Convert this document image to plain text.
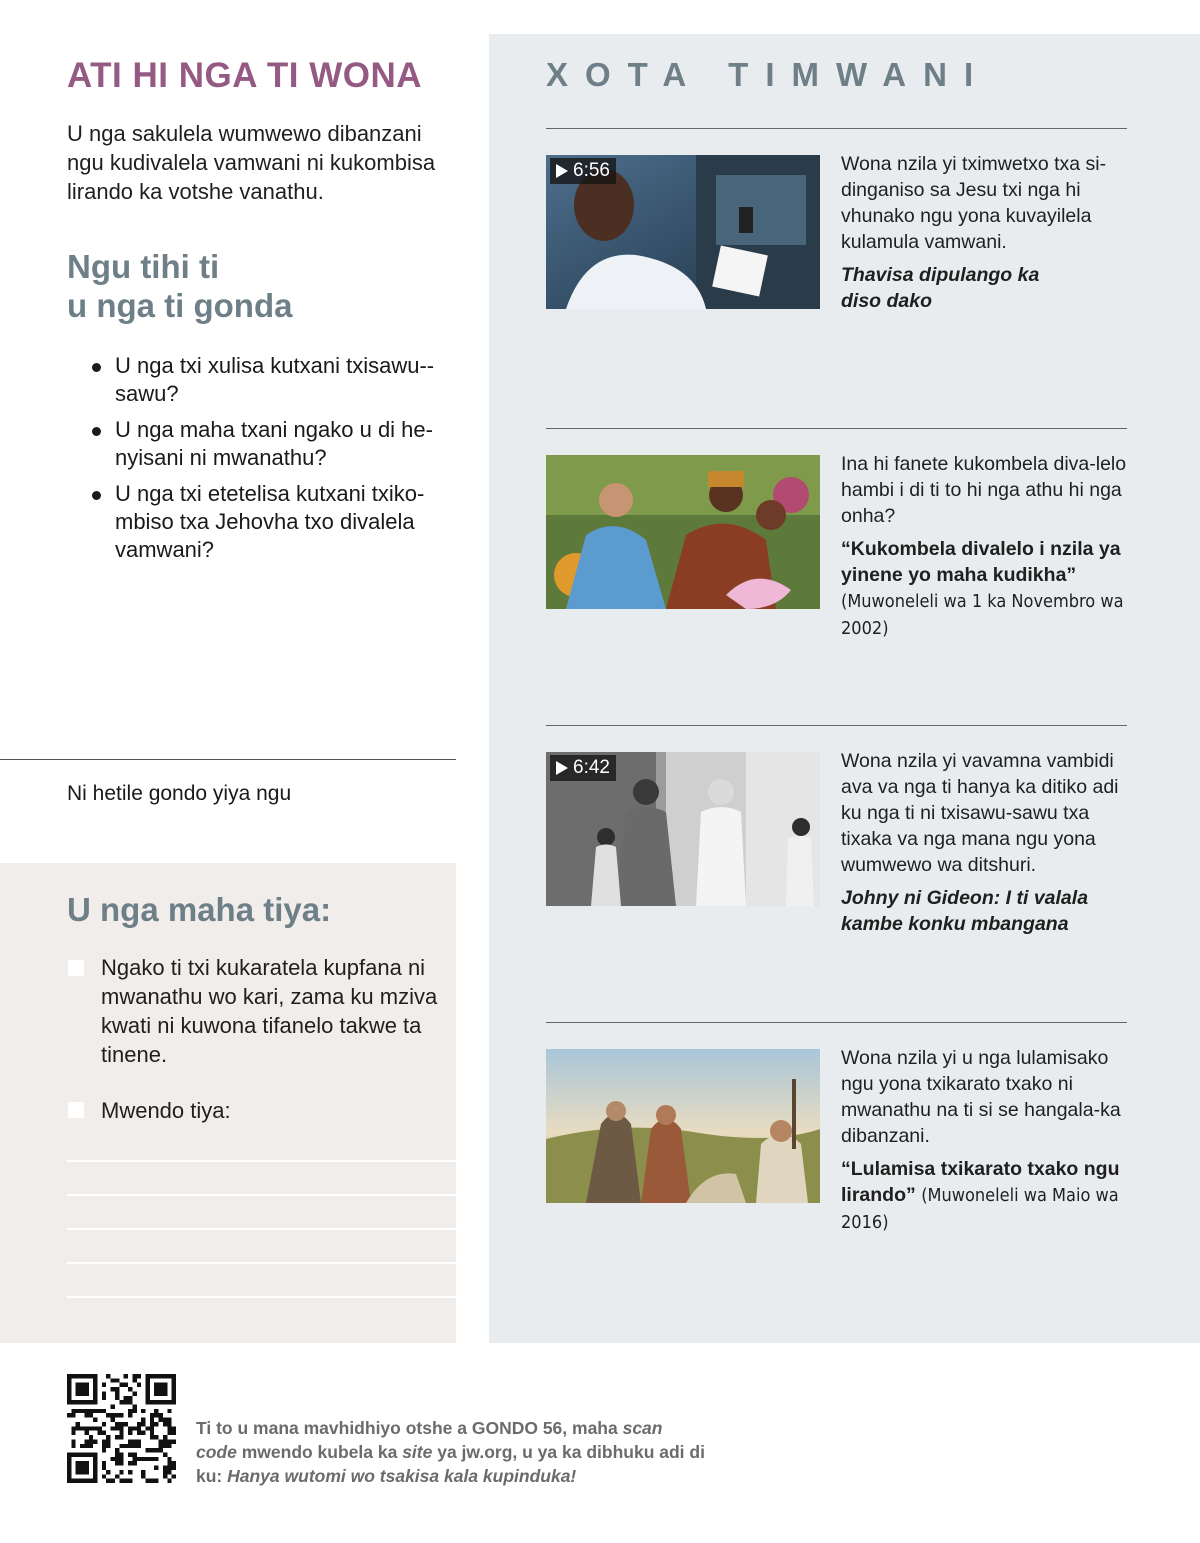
ATI HI NGA TI WONA
U nga sakulela wumwewo dibanzani ngu kudivalela vamwani ni kukombisa lirando ka votshe vanathu.
Ngu tihi ti
u nga ti gonda
U nga txi xulisa kutxani txisawu--sawu?
U nga maha txani ngako u di he-nyisani ni mwanathu?
U nga txi etetelisa kutxani txiko-mbiso txa Jehovha txo divalela vamwani?
Ni hetile gondo yiya ngu
U nga maha tiya:
Ngako ti txi kukaratela kupfana ni mwanathu wo kari, zama ku mziva kwati ni kuwona tifanelo takwe ta tinene.
Mwendo tiya:
XOTA TIMWANI
6:56	Wona nzila yi tximwetxo txa si-dinganiso sa Jesu txi nga hi vhunako ngu yona kuvayilela kulamula vamwani.
Thavisa dipulango ka diso dako
Ina hi fanete kukombela diva-lelo hambi i di ti to hi nga athu hi nga onha?
“Kukombela divalelo i nzila ya yinene yo maha kudikha” (Muwoneleli wa 1 ka Novembro wa 2002)
6:42	Wona nzila yi vavamna vambidi ava va nga ti hanya ka ditiko adi ku nga ti ni txisawu-sawu txa tixaka va nga mana ngu yona wumwewo wa ditshuri.
Johny ni Gideon: I ti valala kambe konku mbangana
Wona nzila yi u nga lulamisako ngu yona txikarato txako ni mwanathu na ti si se hangala-ka dibanzani.
“Lulamisa txikarato txako ngu lirando” (Muwoneleli wa Maio wa 2016)
Ti to u mana mavhidhiyo otshe a GONDO 56, maha scan
code mwendo kubela ka site ya jw.org, u ya ka dibhuku adi di ku: Hanya wutomi wo tsakisa kala kupinduka!
